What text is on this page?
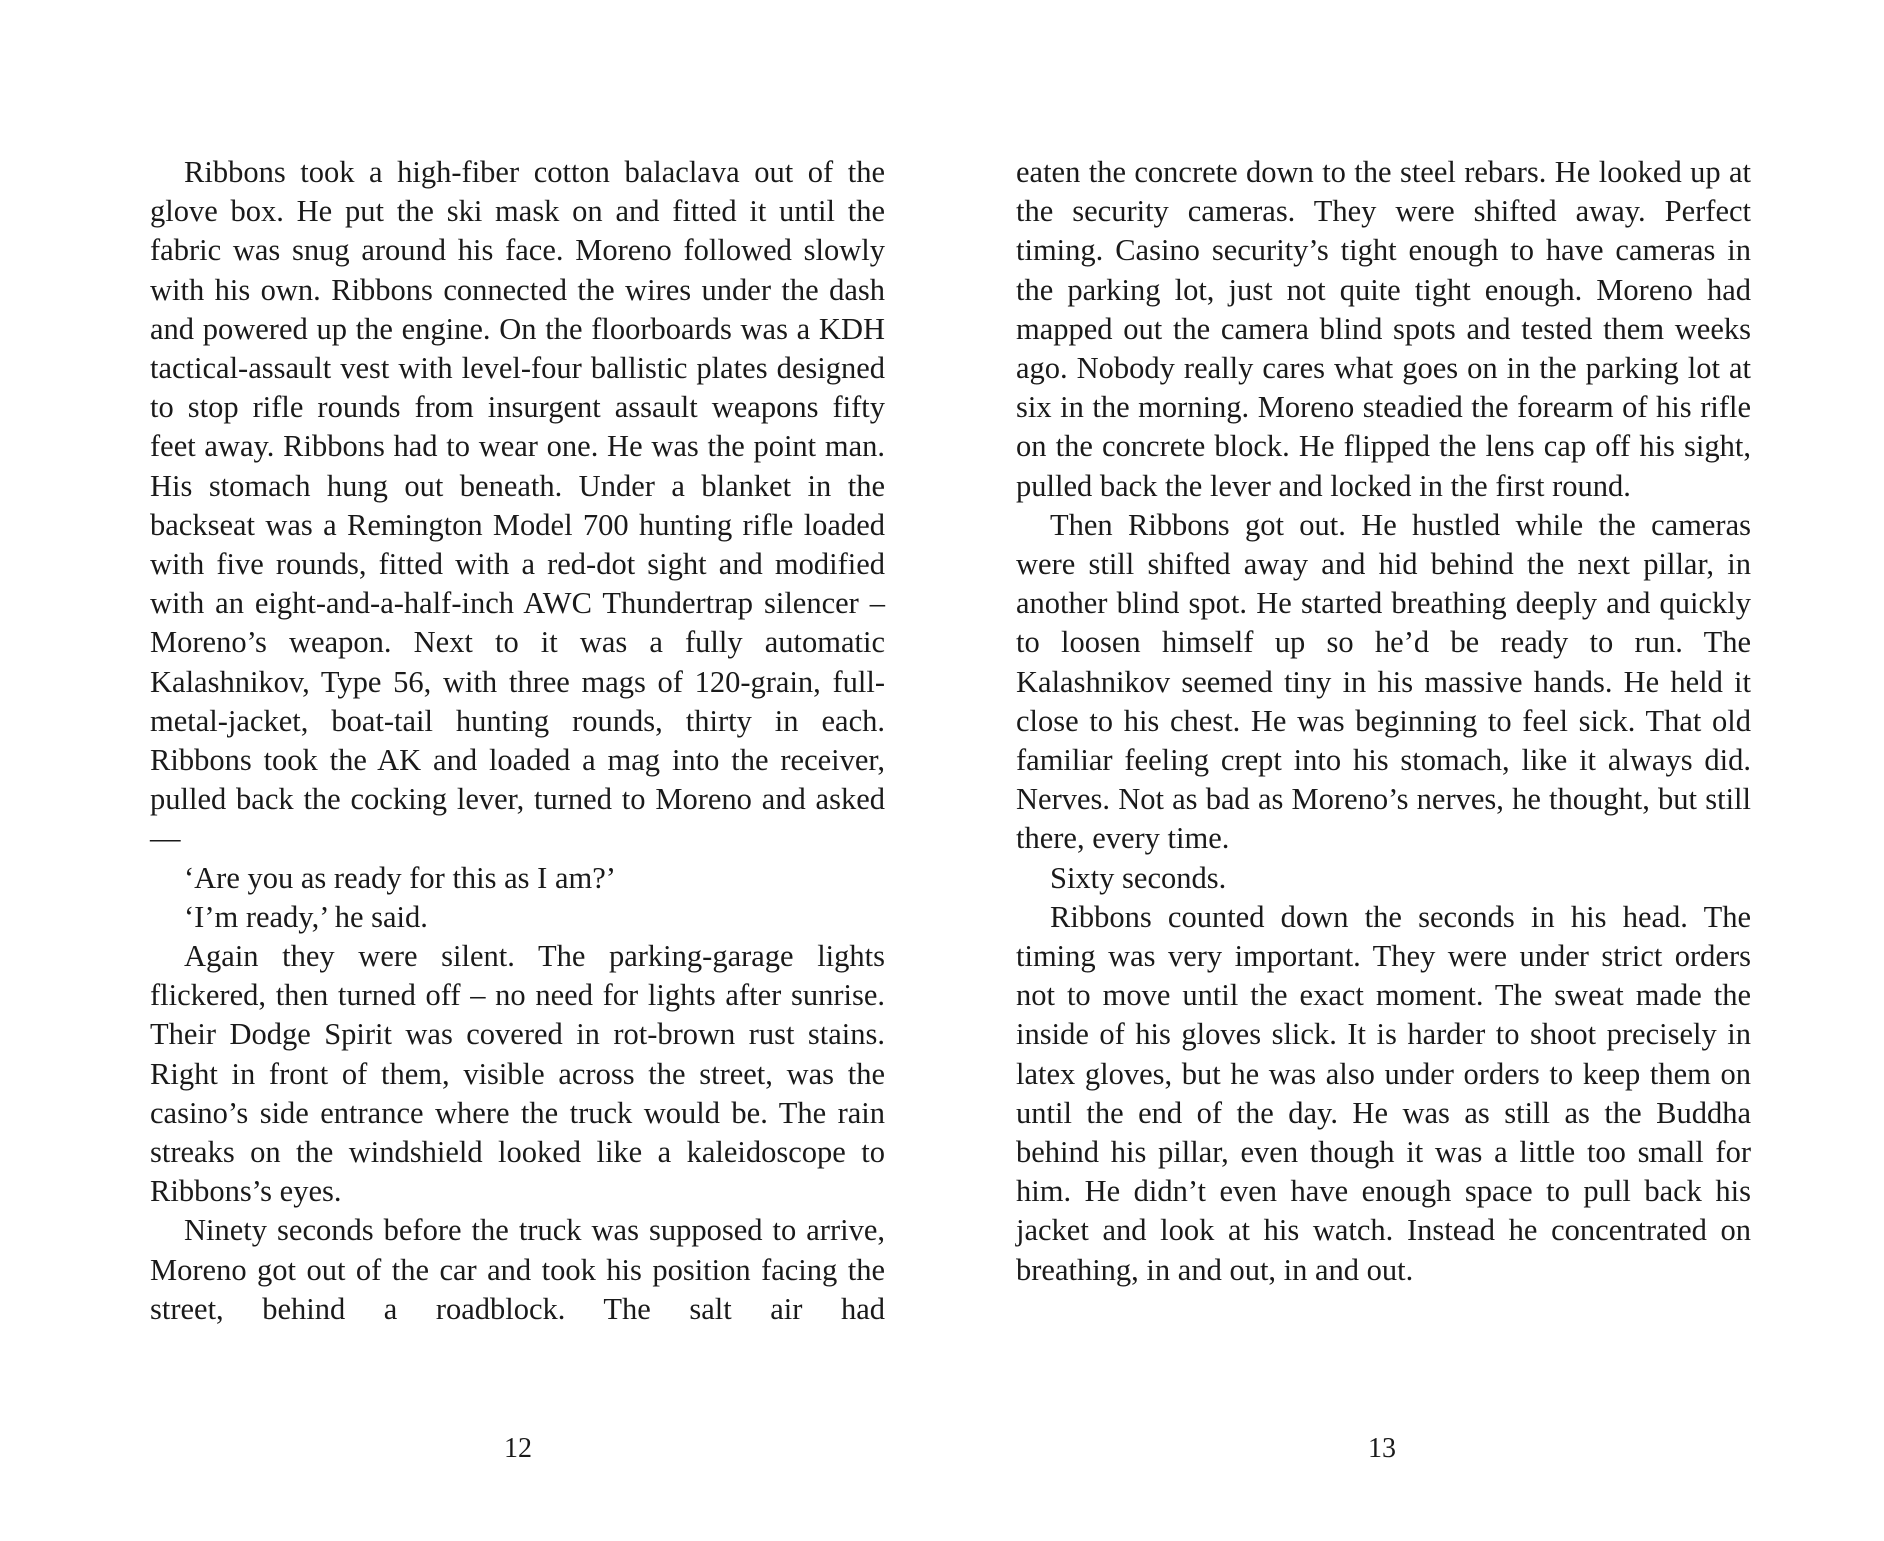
Ribbons took a high-fiber cotton balaclava out of the glove box. He put the ski mask on and fitted it until the fabric was snug around his face. Moreno followed slowly with his own. Ribbons connected the wires under the dash and powered up the engine. On the floorboards was a KDH tactical-assault vest with level-four ballistic plates designed to stop rifle rounds from insurgent assault weapons fifty feet away. Ribbons had to wear one. He was the point man. His stomach hung out beneath. Under a blanket in the backseat was a Remington Model 700 hunting rifle loaded with five rounds, fitted with a red-dot sight and modified with an eight-and-a-half-inch AWC Thundertrap silencer – Moreno’s weapon. Next to it was a fully automatic Kalashnikov, Type 56, with three mags of 120-grain, full-metal-jacket, boat-tail hunting rounds, thirty in each. Ribbons took the AK and loaded a mag into the receiver, pulled back the cocking lever, turned to Moreno and asked—

‘Are you as ready for this as I am?’

‘I’m ready,’ he said.

Again they were silent. The parking-garage lights flickered, then turned off – no need for lights after sunrise. Their Dodge Spirit was covered in rot-brown rust stains. Right in front of them, visible across the street, was the casino’s side entrance where the truck would be. The rain streaks on the windshield looked like a kaleidoscope to Ribbons’s eyes.

Ninety seconds before the truck was supposed to arrive, Moreno got out of the car and took his position facing the street, behind a roadblock. The salt air had

eaten the concrete down to the steel rebars. He looked up at the security cameras. They were shifted away. Perfect timing. Casino security’s tight enough to have cameras in the parking lot, just not quite tight enough. Moreno had mapped out the camera blind spots and tested them weeks ago. Nobody really cares what goes on in the parking lot at six in the morning. Moreno steadied the forearm of his rifle on the concrete block. He flipped the lens cap off his sight, pulled back the lever and locked in the first round.

Then Ribbons got out. He hustled while the cameras were still shifted away and hid behind the next pillar, in another blind spot. He started breathing deeply and quickly to loosen himself up so he’d be ready to run. The Kalashnikov seemed tiny in his massive hands. He held it close to his chest. He was beginning to feel sick. That old familiar feeling crept into his stomach, like it always did. Nerves. Not as bad as Moreno’s nerves, he thought, but still there, every time.

Sixty seconds.

Ribbons counted down the seconds in his head. The timing was very important. They were under strict orders not to move until the exact moment. The sweat made the inside of his gloves slick. It is harder to shoot precisely in latex gloves, but he was also under orders to keep them on until the end of the day. He was as still as the Buddha behind his pillar, even though it was a little too small for him. He didn’t even have enough space to pull back his jacket and look at his watch. Instead he concentrated on breathing, in and out, in and out.

12	13
